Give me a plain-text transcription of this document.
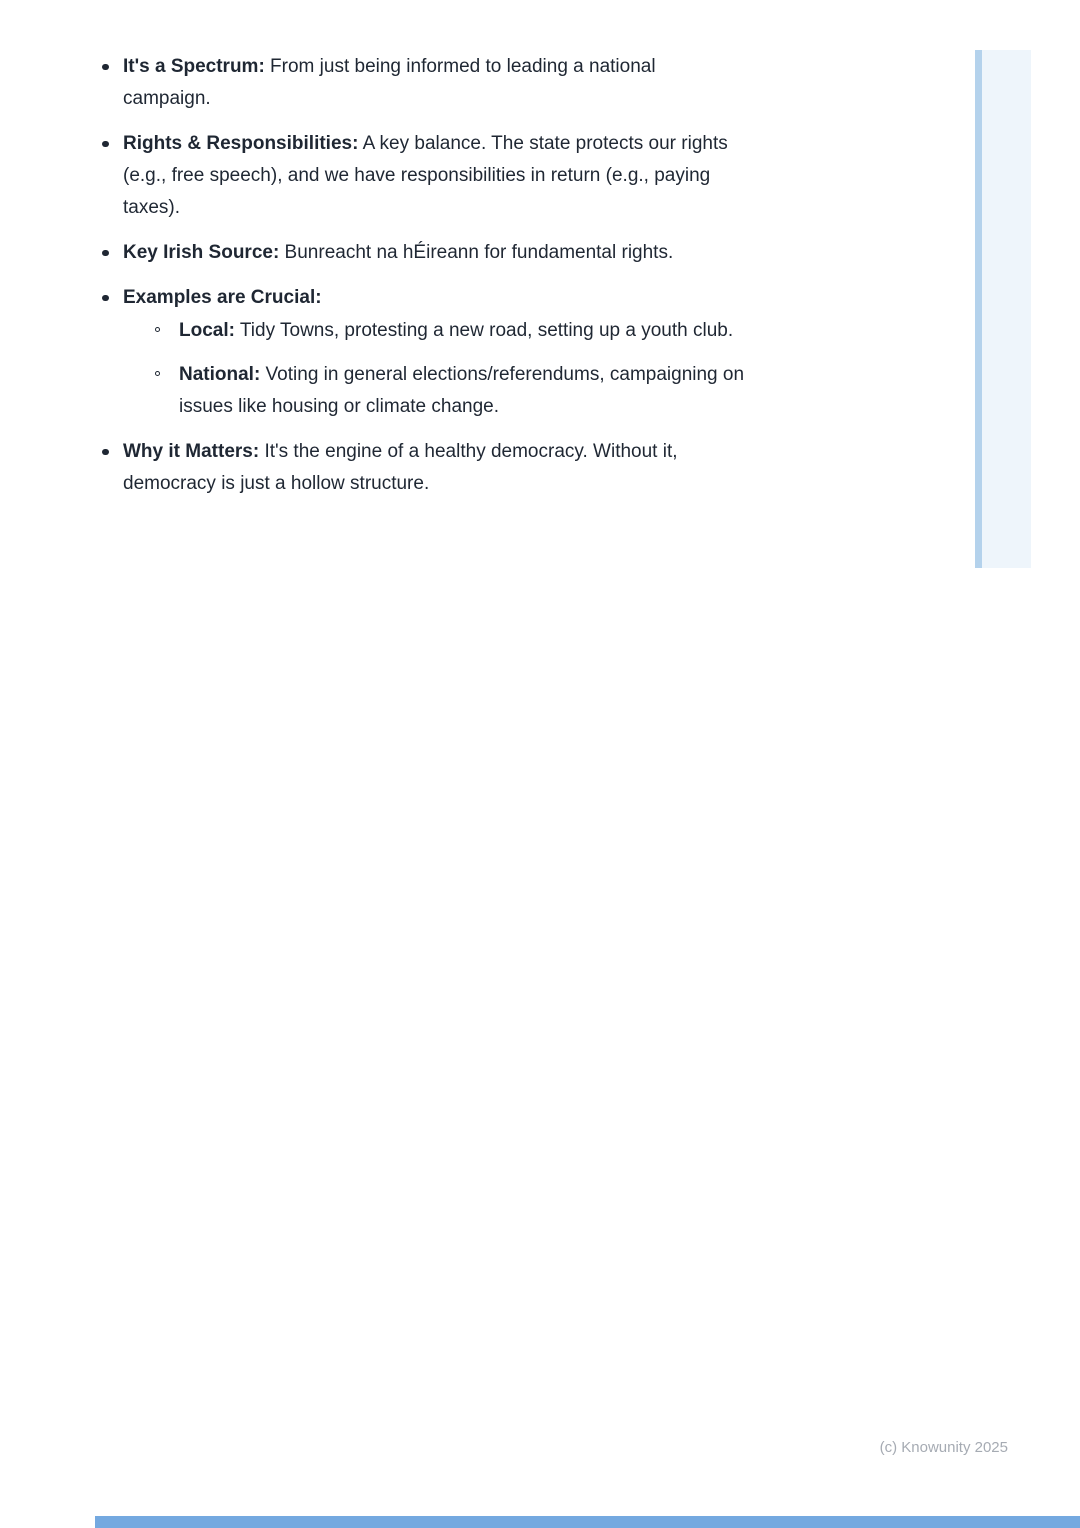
It's a Spectrum: From just being informed to leading a national
campaign.
Rights & Responsibilities: A key balance. The state protects our rights
(e.g., free speech), and we have responsibilities in return (e.g., paying
taxes).
Key Irish Source: Bunreacht na hÉireann for fundamental rights.
Examples are Crucial:
Local: Tidy Towns, protesting a new road, setting up a youth club.
National: Voting in general elections/referendums, campaigning on
issues like housing or climate change.
Why it Matters: It's the engine of a healthy democracy. Without it,
democracy is just a hollow structure.
(c) Knowunity 2025
